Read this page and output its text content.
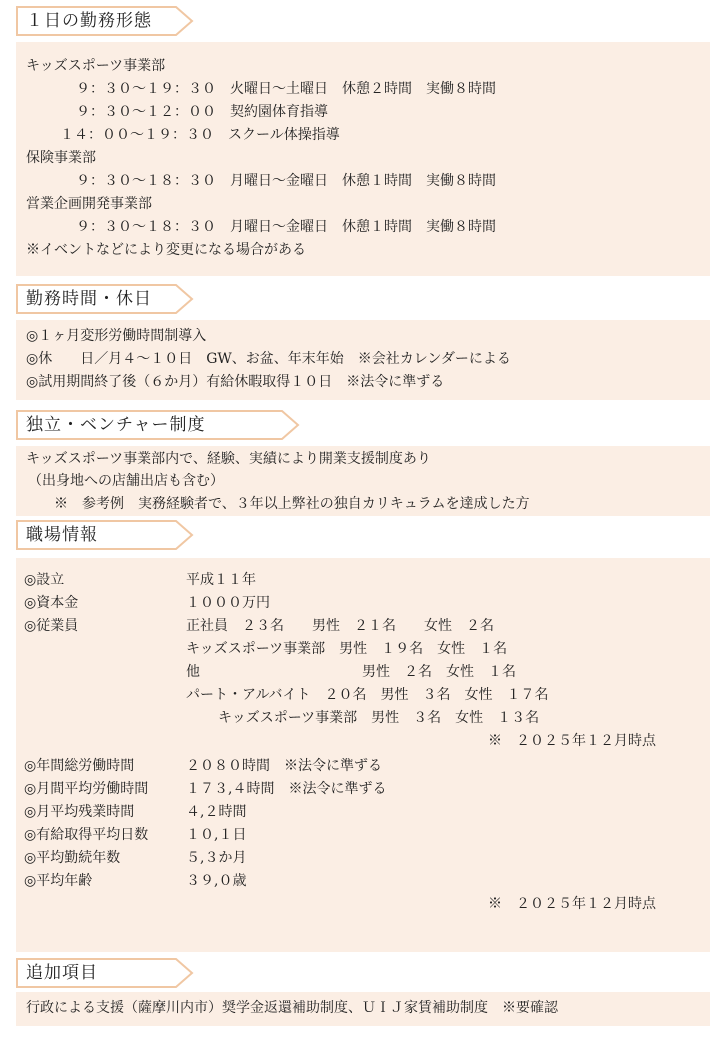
１日の勤務形態
キッズスポーツ事業部
９：３０〜１９：３０　火曜日〜土曜日　休憩２時間　実働８時間
９：３０〜１２：００　契約園体育指導
１４：００〜１９：３０　スクール体操指導
保険事業部
９：３０〜１８：３０　月曜日〜金曜日　休憩１時間　実働８時間
営業企画開発事業部
９：３０〜１８：３０　月曜日〜金曜日　休憩１時間　実働８時間
※イベントなどにより変更になる場合がある
勤務時間・休日
◎１ヶ月変形労働時間制導入
◎休　　日／月４〜１０日　GW、お盆、年末年始　※会社カレンダーによる
◎試用期間終了後（６か月）有給休暇取得１０日　※法令に準ずる
独立・ベンチャー制度
キッズスポーツ事業部内で、経験、実績により開業支援制度あり
（出身地への店舗出店も含む）
※　参考例　実務経験者で、３年以上弊社の独自カリキュラムを達成した方
職場情報
◎設立	平成１１年
◎資本金	１０００万円
◎従業員	正社員　２３名　　男性　２１名　　女性　２名
キッズスポーツ事業部　男性　１９名　女性　１名
他	男性　２名　女性　１名
パート・アルバイト　２０名　男性　３名　女性　１７名
キッズスポーツ事業部　男性　３名　女性　１３名
※　２０２５年１２月時点
◎年間総労働時間	２０８０時間　※法令に準ずる
◎月間平均労働時間	１７３,４時間　※法令に準ずる
◎月平均残業時間	４,２時間
◎有給取得平均日数	１０,１日
◎平均勤続年数	５,３か月
◎平均年齢	３９,０歳
※　２０２５年１２月時点
追加項目
行政による支援（薩摩川内市）奨学金返還補助制度、ＵＩＪ家賃補助制度　※要確認
